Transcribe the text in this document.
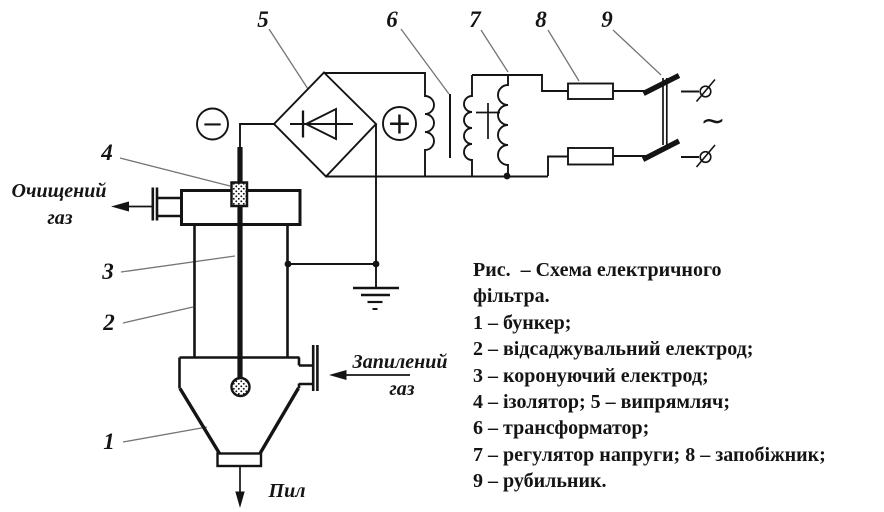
−	+	∼
1
2
3
4
5	6	7 8 9
Очищений
газ
Запилений
газ
Пил
Рис.  – Схема електричного
фільтра.
1 – бункер;
2 – відсаджувальний електрод;
3 – коронуючий електрод;
4 – ізолятор; 5 – випрямляч;
6 – трансформатор;
7 – регулятор напруги; 8 – запобіжник;
9 – рубильник.
